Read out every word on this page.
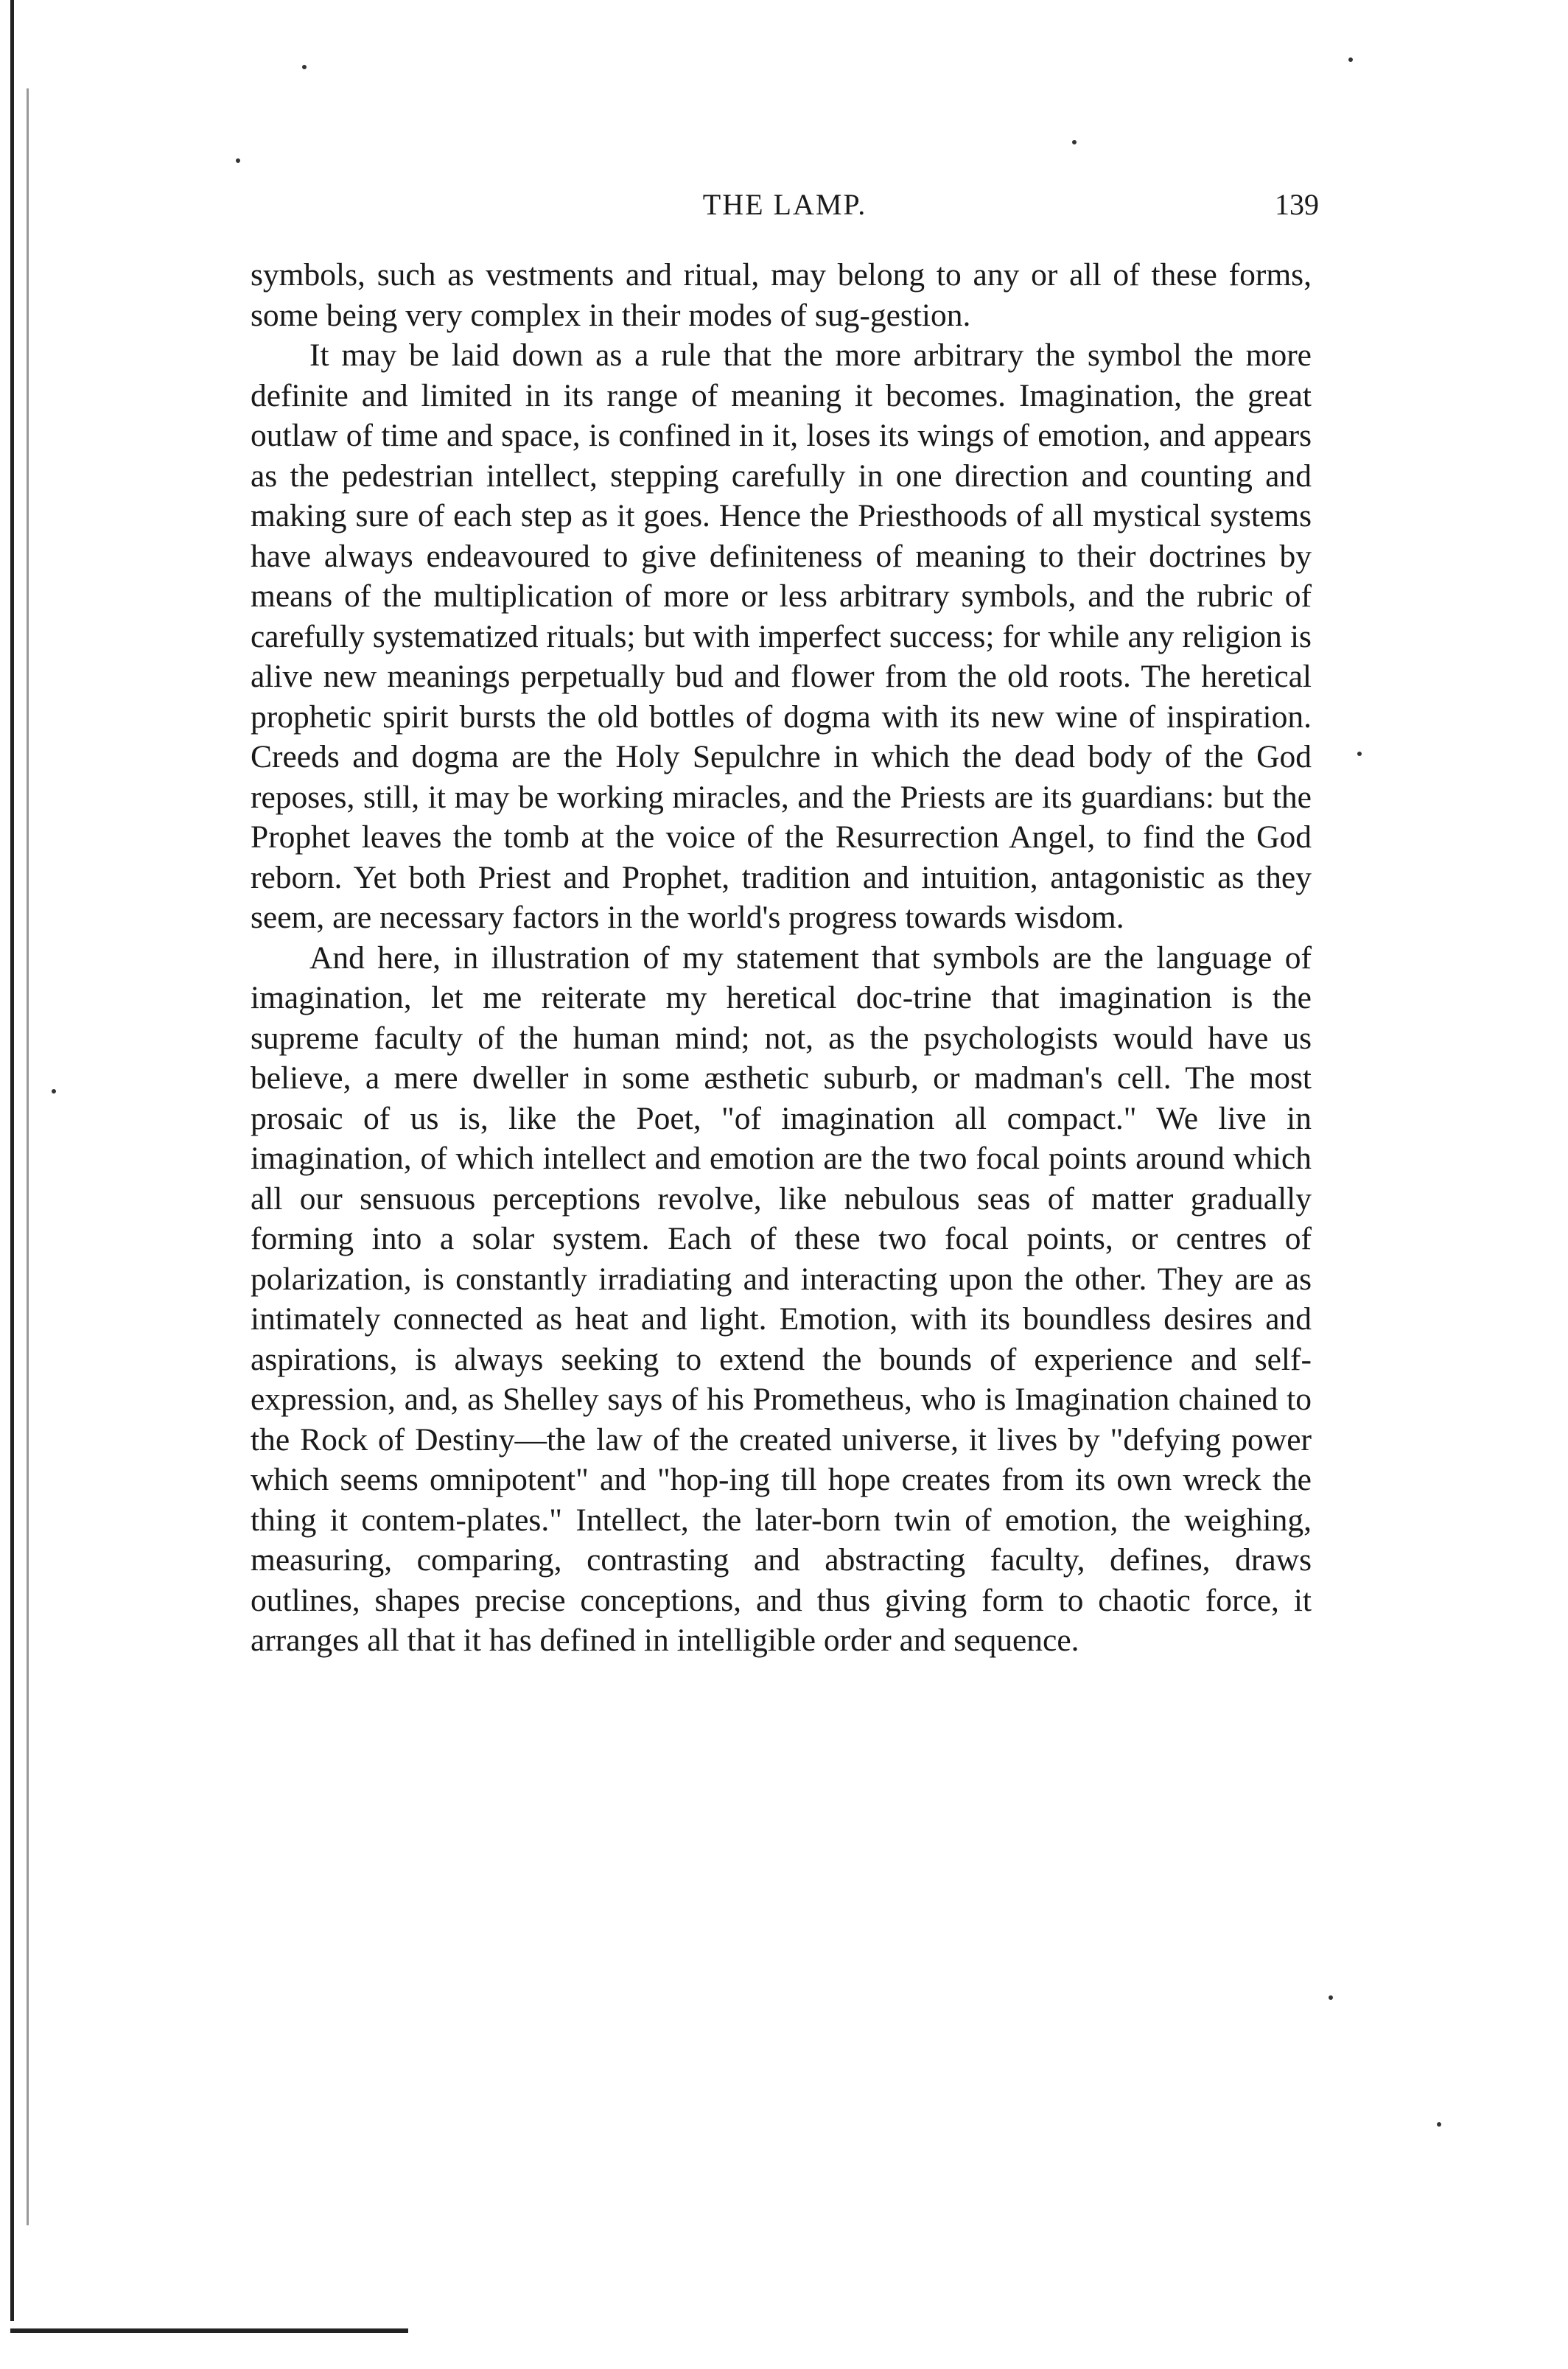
THE LAMP.	139

symbols, such as vestments and ritual, may belong to any or all of these forms, some being very complex in their modes of sug-gestion.

It may be laid down as a rule that the more arbitrary the symbol the more definite and limited in its range of meaning it becomes. Imagination, the great outlaw of time and space, is confined in it, loses its wings of emotion, and appears as the pedestrian intellect, stepping carefully in one direction and counting and making sure of each step as it goes. Hence the Priesthoods of all mystical systems have always endeavoured to give definiteness of meaning to their doctrines by means of the multiplication of more or less arbitrary symbols, and the rubric of carefully systematized rituals; but with imperfect success; for while any religion is alive new meanings perpetually bud and flower from the old roots. The heretical prophetic spirit bursts the old bottles of dogma with its new wine of inspiration. Creeds and dogma are the Holy Sepulchre in which the dead body of the God reposes, still, it may be working miracles, and the Priests are its guardians: but the Prophet leaves the tomb at the voice of the Resurrection Angel, to find the God reborn. Yet both Priest and Prophet, tradition and intuition, antagonistic as they seem, are necessary factors in the world's progress towards wisdom.

And here, in illustration of my statement that symbols are the language of imagination, let me reiterate my heretical doc-trine that imagination is the supreme faculty of the human mind; not, as the psychologists would have us believe, a mere dweller in some æsthetic suburb, or madman's cell. The most prosaic of us is, like the Poet, "of imagination all compact." We live in imagination, of which intellect and emotion are the two focal points around which all our sensuous perceptions revolve, like nebulous seas of matter gradually forming into a solar system. Each of these two focal points, or centres of polarization, is constantly irradiating and interacting upon the other. They are as intimately connected as heat and light. Emotion, with its boundless desires and aspirations, is always seeking to extend the bounds of experience and self-expression, and, as Shelley says of his Prometheus, who is Imagination chained to the Rock of Destiny—the law of the created universe, it lives by "defying power which seems omnipotent" and "hop-ing till hope creates from its own wreck the thing it contem-plates." Intellect, the later-born twin of emotion, the weighing, measuring, comparing, contrasting and abstracting faculty, defines, draws outlines, shapes precise conceptions, and thus giving form to chaotic force, it arranges all that it has defined in intelligible order and sequence.
